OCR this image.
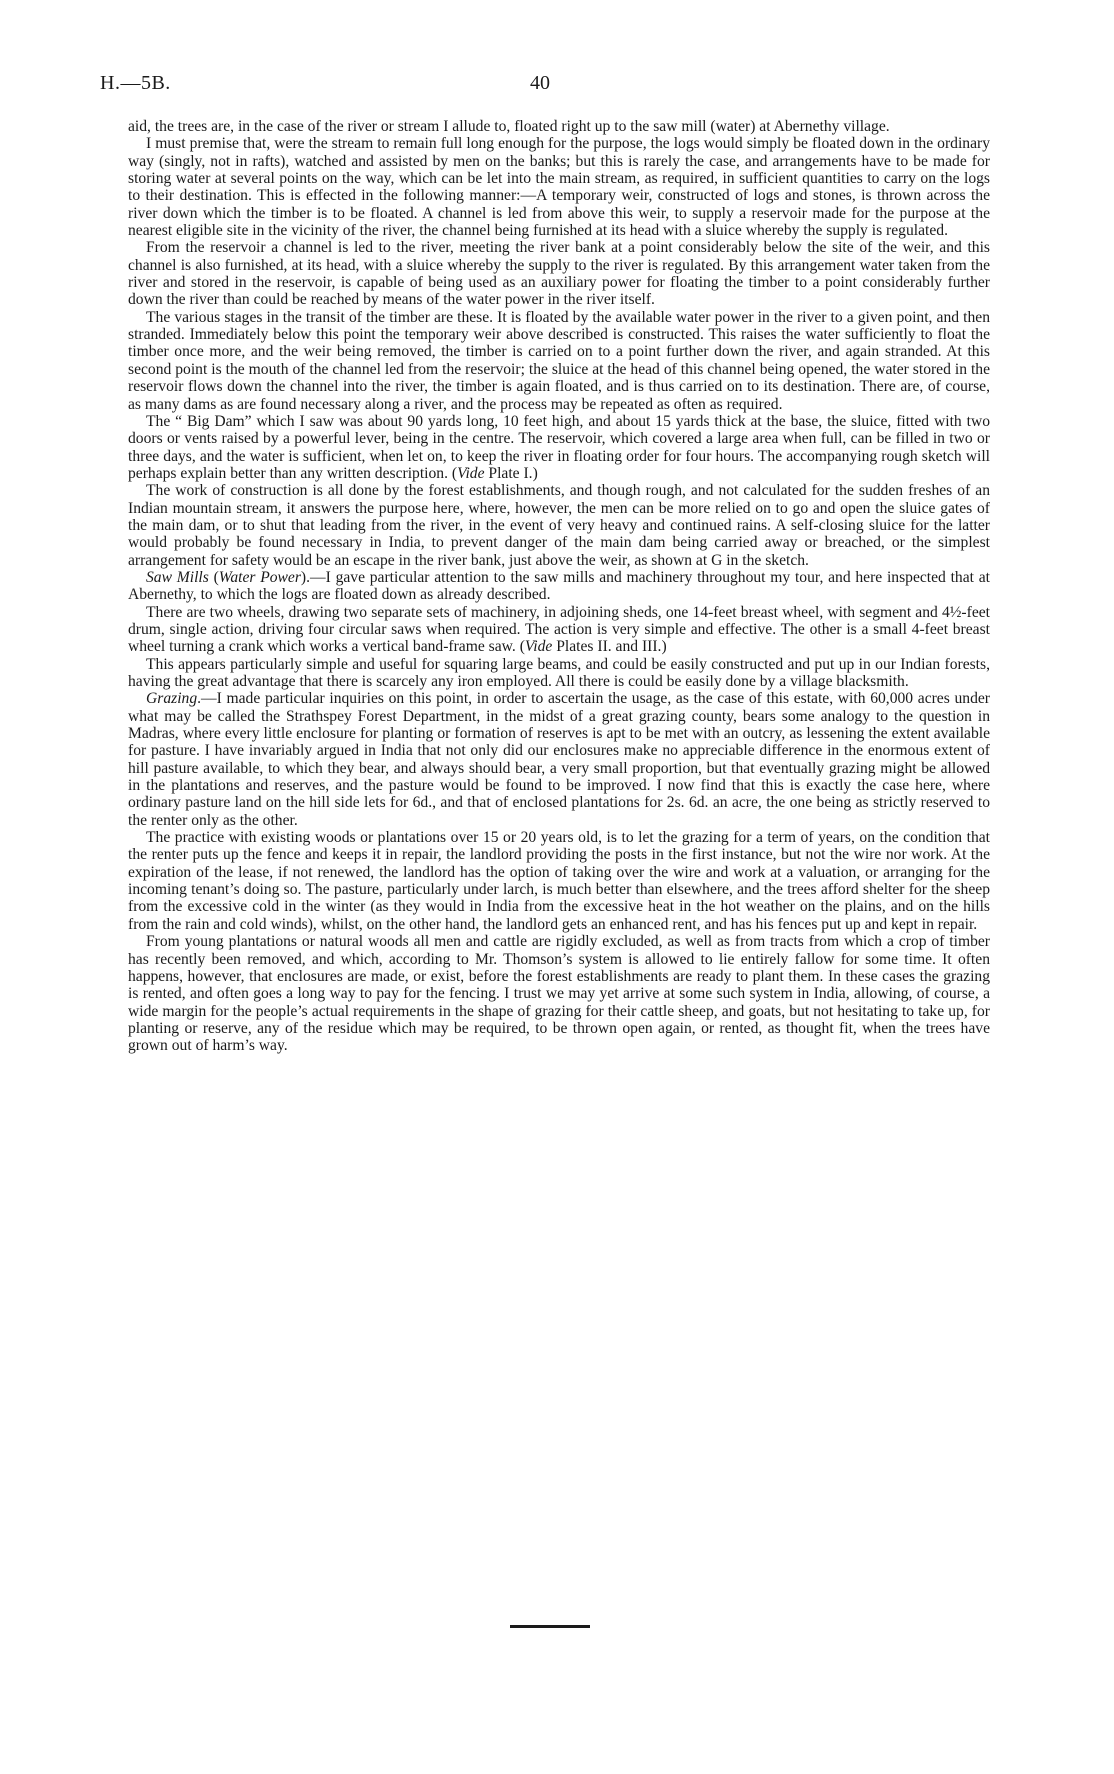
H.—5B.	40

aid, the trees are, in the case of the river or stream I allude to, floated right up to the saw mill (water) at Abernethy village.

I must premise that, were the stream to remain full long enough for the purpose, the logs would simply be floated down in the ordinary way (singly, not in rafts), watched and assisted by men on the banks; but this is rarely the case, and arrangements have to be made for storing water at several points on the way, which can be let into the main stream, as required, in sufficient quantities to carry on the logs to their destination. This is effected in the following manner:—A temporary weir, constructed of logs and stones, is thrown across the river down which the timber is to be floated. A channel is led from above this weir, to supply a reservoir made for the purpose at the nearest eligible site in the vicinity of the river, the channel being furnished at its head with a sluice whereby the supply is regulated.

From the reservoir a channel is led to the river, meeting the river bank at a point considerably below the site of the weir, and this channel is also furnished, at its head, with a sluice whereby the supply to the river is regulated. By this arrangement water taken from the river and stored in the reservoir, is capable of being used as an auxiliary power for floating the timber to a point considerably further down the river than could be reached by means of the water power in the river itself.

The various stages in the transit of the timber are these. It is floated by the available water power in the river to a given point, and then stranded. Immediately below this point the temporary weir above described is constructed. This raises the water sufficiently to float the timber once more, and the weir being removed, the timber is carried on to a point further down the river, and again stranded. At this second point is the mouth of the channel led from the reservoir; the sluice at the head of this channel being opened, the water stored in the reservoir flows down the channel into the river, the timber is again floated, and is thus carried on to its destination. There are, of course, as many dams as are found necessary along a river, and the process may be repeated as often as required.

The “ Big Dam” which I saw was about 90 yards long, 10 feet high, and about 15 yards thick at the base, the sluice, fitted with two doors or vents raised by a powerful lever, being in the centre. The reservoir, which covered a large area when full, can be filled in two or three days, and the water is sufficient, when let on, to keep the river in floating order for four hours. The accompanying rough sketch will perhaps explain better than any written description. (Vide Plate I.)

The work of construction is all done by the forest establishments, and though rough, and not calculated for the sudden freshes of an Indian mountain stream, it answers the purpose here, where, however, the men can be more relied on to go and open the sluice gates of the main dam, or to shut that leading from the river, in the event of very heavy and continued rains. A self-closing sluice for the latter would probably be found necessary in India, to prevent danger of the main dam being carried away or breached, or the simplest arrangement for safety would be an escape in the river bank, just above the weir, as shown at G in the sketch.

Saw Mills (Water Power).—I gave particular attention to the saw mills and machinery throughout my tour, and here inspected that at Abernethy, to which the logs are floated down as already described.

There are two wheels, drawing two separate sets of machinery, in adjoining sheds, one 14-feet breast wheel, with segment and 4½-feet drum, single action, driving four circular saws when required. The action is very simple and effective. The other is a small 4-feet breast wheel turning a crank which works a vertical band-frame saw. (Vide Plates II. and III.)

This appears particularly simple and useful for squaring large beams, and could be easily constructed and put up in our Indian forests, having the great advantage that there is scarcely any iron employed. All there is could be easily done by a village blacksmith.

Grazing.—I made particular inquiries on this point, in order to ascertain the usage, as the case of this estate, with 60,000 acres under what may be called the Strathspey Forest Department, in the midst of a great grazing county, bears some analogy to the question in Madras, where every little enclosure for planting or formation of reserves is apt to be met with an outcry, as lessening the extent available for pasture. I have invariably argued in India that not only did our enclosures make no appreciable difference in the enormous extent of hill pasture available, to which they bear, and always should bear, a very small proportion, but that eventually grazing might be allowed in the plantations and reserves, and the pasture would be found to be improved. I now find that this is exactly the case here, where ordinary pasture land on the hill side lets for 6d., and that of enclosed plantations for 2s. 6d. an acre, the one being as strictly reserved to the renter only as the other.

The practice with existing woods or plantations over 15 or 20 years old, is to let the grazing for a term of years, on the condition that the renter puts up the fence and keeps it in repair, the landlord providing the posts in the first instance, but not the wire nor work. At the expiration of the lease, if not renewed, the landlord has the option of taking over the wire and work at a valuation, or arranging for the incoming tenant’s doing so. The pasture, particularly under larch, is much better than elsewhere, and the trees afford shelter for the sheep from the excessive cold in the winter (as they would in India from the excessive heat in the hot weather on the plains, and on the hills from the rain and cold winds), whilst, on the other hand, the landlord gets an enhanced rent, and has his fences put up and kept in repair.

From young plantations or natural woods all men and cattle are rigidly excluded, as well as from tracts from which a crop of timber has recently been removed, and which, according to Mr. Thomson’s system is allowed to lie entirely fallow for some time. It often happens, however, that enclosures are made, or exist, before the forest establishments are ready to plant them. In these cases the grazing is rented, and often goes a long way to pay for the fencing. I trust we may yet arrive at some such system in India, allowing, of course, a wide margin for the people’s actual requirements in the shape of grazing for their cattle sheep, and goats, but not hesitating to take up, for planting or reserve, any of the residue which may be required, to be thrown open again, or rented, as thought fit, when the trees have grown out of harm’s way.
